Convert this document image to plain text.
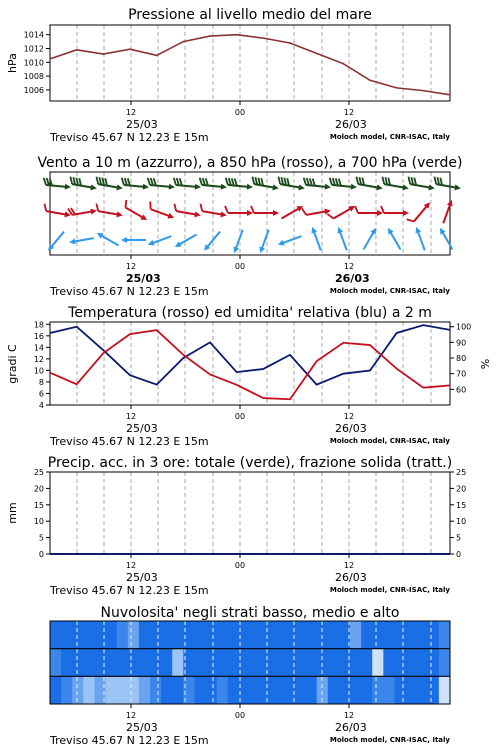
Pressione al livello medio del mare
1006
1008
1010
1012
1014
hPa
12	00	12
25/03	26/03
Treviso 45.67 N 12.23 E 15m	Moloch model, CNR-ISAC, Italy
Vento a 10 m (azzurro), a 850 hPa (rosso), a 700 hPa (verde)
12	00	12
25/03	26/03
Treviso 45.67 N 12.23 E 15m	Moloch model, CNR-ISAC, Italy
Temperatura (rosso) ed umidita' relativa (blu) a 2 m
4
6
8
10
12
14
16
18
60
70
80
90
100
gradi C	%
12	00	12
25/03	26/03
Treviso 45.67 N 12.23 E 15m	Moloch model, CNR-ISAC, Italy
Precip. acc. in 3 ore: totale (verde), frazione solida (tratt.)
0	0
5	5
10	10
15	15
20	20
25	25
mm
12	00	12
25/03	26/03
Treviso 45.67 N 12.23 E 15m	Moloch model, CNR-ISAC, Italy
Nuvolosita' negli strati basso, medio e alto
12	00	12
25/03	26/03
Treviso 45.67 N 12.23 E 15m	Moloch model, CNR-ISAC, Italy
